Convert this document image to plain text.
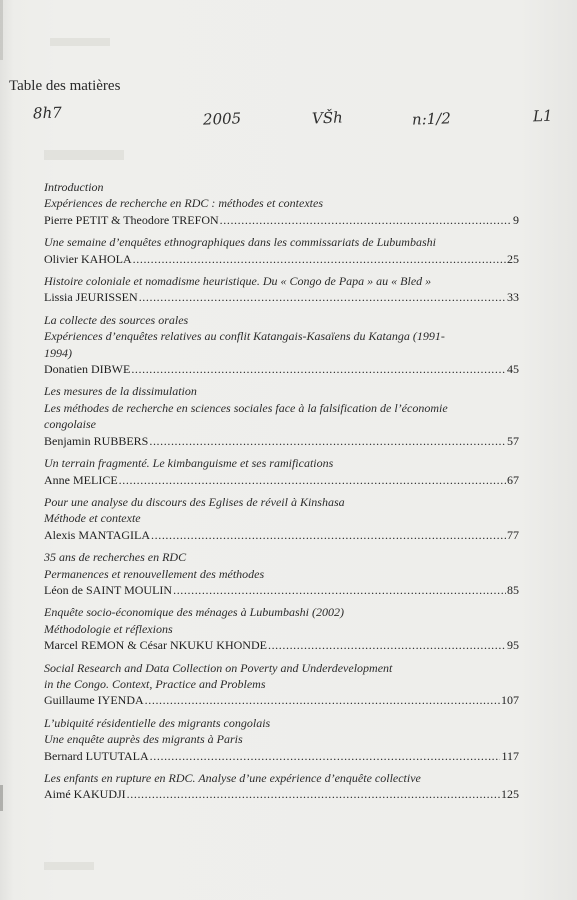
Table des matières
8h7	2005	VŠh	n:1/2	L1
Introduction
Expériences de recherche en RDC : méthodes et contextes
Pierre PETIT & Theodore TREFON .....	9
Une semaine d’enquêtes ethnographiques dans les commissariats de Lubumbashi
Olivier KAHOLA .....	25
Histoire coloniale et nomadisme heuristique. Du « Congo de Papa » au « Bled »
Lissia JEURISSEN .....	33
La collecte des sources orales
Expériences d’enquêtes relatives au conflit Katangais-Kasaïens du Katanga (1991-
1994)
Donatien DIBWE .....	45
Les mesures de la dissimulation
Les méthodes de recherche en sciences sociales face à la falsification de l’économie
congolaise
Benjamin RUBBERS .....	57
Un terrain fragmenté. Le kimbanguisme et ses ramifications
Anne MELICE .....	67
Pour une analyse du discours des Eglises de réveil à Kinshasa
Méthode et contexte
Alexis MANTAGILA .....	77
35 ans de recherches en RDC
Permanences et renouvellement des méthodes
Léon de SAINT MOULIN .....	85
Enquête socio-économique des ménages à Lubumbashi (2002)
Méthodologie et réflexions
Marcel REMON & César NKUKU KHONDE .....	95
Social Research and Data Collection on Poverty and Underdevelopment
in the Congo. Context, Practice and Problems
Guillaume IYENDA .....	107
L’ubiquité résidentielle des migrants congolais
Une enquête auprès des migrants à Paris
Bernard LUTUTALA .....	117
Les enfants en rupture en RDC. Analyse d’une expérience d’enquête collective
Aimé KAKUDJI .....	125
